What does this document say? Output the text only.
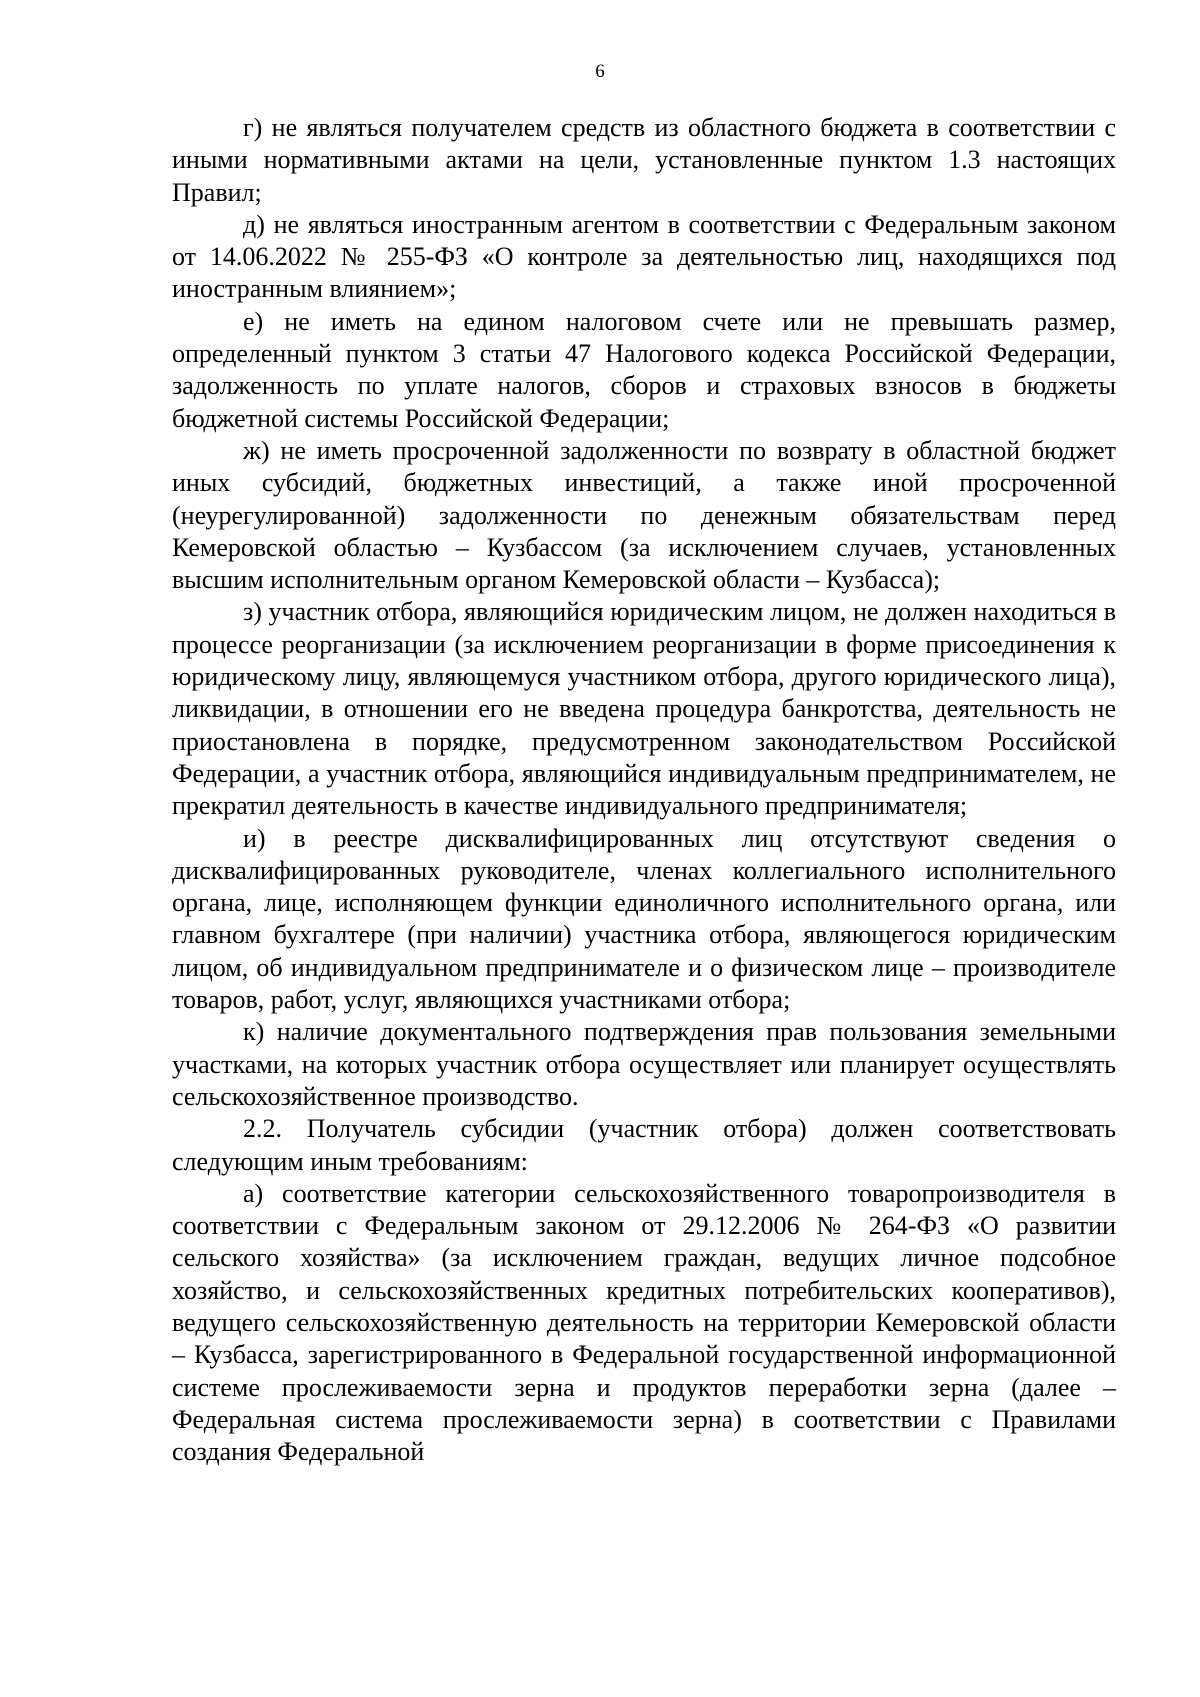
6

г) не являться получателем средств из областного бюджета в соответствии с иными нормативными актами на цели, установленные пунктом 1.3 настоящих Правил;

д) не являться иностранным агентом в соответствии с Федеральным законом от 14.06.2022 № 255-ФЗ «О контроле за деятельностью лиц, находящихся под иностранным влиянием»;

е) не иметь на едином налоговом счете или не превышать размер, определенный пунктом 3 статьи 47 Налогового кодекса Российской Федерации, задолженность по уплате налогов, сборов и страховых взносов в бюджеты бюджетной системы Российской Федерации;

ж) не иметь просроченной задолженности по возврату в областной бюджет иных субсидий, бюджетных инвестиций, а также иной просроченной (неурегулированной) задолженности по денежным обязательствам перед Кемеровской областью – Кузбассом (за исключением случаев, установленных высшим исполнительным органом Кемеровской области – Кузбасса);

з) участник отбора, являющийся юридическим лицом, не должен находиться в процессе реорганизации (за исключением реорганизации в форме присоединения к юридическому лицу, являющемуся участником отбора, другого юридического лица), ликвидации, в отношении его не введена процедура банкротства, деятельность не приостановлена в порядке, предусмотренном законодательством Российской Федерации, а участник отбора, являющийся индивидуальным предпринимателем, не прекратил деятельность в качестве индивидуального предпринимателя;

и) в реестре дисквалифицированных лиц отсутствуют сведения о дисквалифицированных руководителе, членах коллегиального исполнительного органа, лице, исполняющем функции единоличного исполнительного органа, или главном бухгалтере (при наличии) участника отбора, являющегося юридическим лицом, об индивидуальном предпринимателе и о физическом лице – производителе товаров, работ, услуг, являющихся участниками отбора;

к) наличие документального подтверждения прав пользования земельными участками, на которых участник отбора осуществляет или планирует осуществлять сельскохозяйственное производство.

2.2. Получатель субсидии (участник отбора) должен соответствовать следующим иным требованиям:

а) соответствие категории сельскохозяйственного товаропроизводителя в соответствии с Федеральным законом от 29.12.2006 № 264-ФЗ «О развитии сельского хозяйства» (за исключением граждан, ведущих личное подсобное хозяйство, и сельскохозяйственных кредитных потребительских кооперативов), ведущего сельскохозяйственную деятельность на территории Кемеровской области – Кузбасса, зарегистрированного в Федеральной государственной информационной системе прослеживаемости зерна и продуктов переработки зерна (далее – Федеральная система прослеживаемости зерна) в соответствии с Правилами создания Федеральной
